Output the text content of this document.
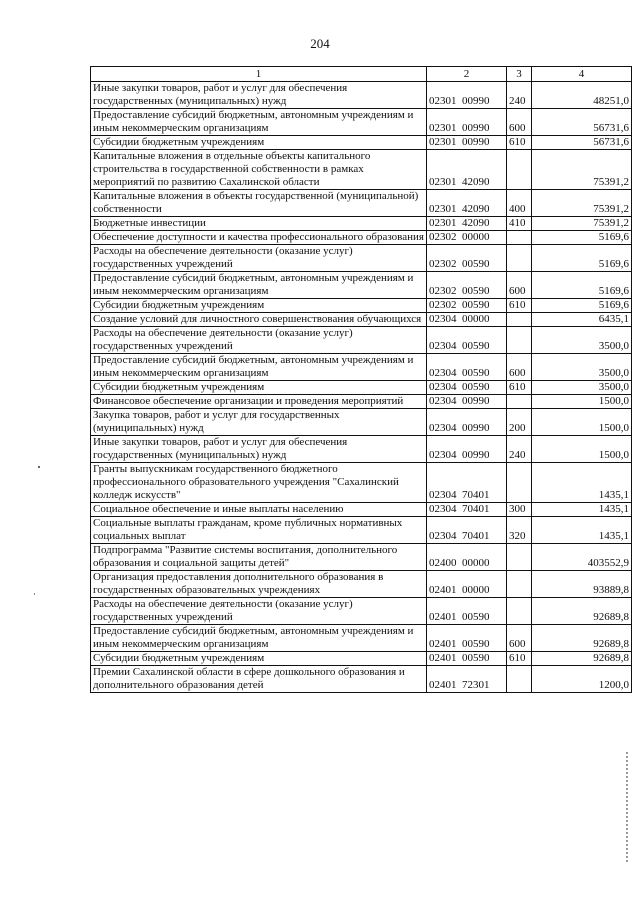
204
1	2	3	4
Иные закупки товаров, работ и услуг для обеспечения государственных (муниципальных) нужд	02301  00990	240	48251,0
Предоставление субсидий бюджетным, автономным учреждениям и иным некоммерческим организациям	02301  00990	600	56731,6
Субсидии бюджетным учреждениям	02301  00990	610	56731,6
Капитальные вложения в отдельные объекты капитального строительства в государственной собственности в рамках мероприятий по развитию Сахалинской области	02301  42090		75391,2
Капитальные вложения в объекты государственной (муниципальной) собственности	02301  42090	400	75391,2
Бюджетные инвестиции	02301  42090	410	75391,2
Обеспечение доступности и качества профессионального образования	02302  00000		5169,6
Расходы на обеспечение деятельности (оказание услуг) государственных учреждений	02302  00590		5169,6
Предоставление субсидий бюджетным, автономным учреждениям и иным некоммерческим организациям	02302  00590	600	5169,6
Субсидии бюджетным учреждениям	02302  00590	610	5169,6
Создание условий для личностного совершенствования обучающихся	02304  00000		6435,1
Расходы на обеспечение деятельности (оказание услуг) государственных учреждений	02304  00590		3500,0
Предоставление субсидий бюджетным, автономным учреждениям и иным некоммерческим организациям	02304  00590	600	3500,0
Субсидии бюджетным учреждениям	02304  00590	610	3500,0
Финансовое обеспечение организации и проведения мероприятий	02304  00990		1500,0
Закупка товаров, работ и услуг для государственных (муниципальных) нужд	02304  00990	200	1500,0
Иные закупки товаров, работ и услуг для обеспечения государственных (муниципальных) нужд	02304  00990	240	1500,0
Гранты выпускникам государственного бюджетного профессионального образовательного учреждения "Сахалинский колледж искусств"	02304  70401		1435,1
Социальное обеспечение и иные выплаты населению	02304  70401	300	1435,1
Социальные выплаты гражданам, кроме публичных нормативных социальных выплат	02304  70401	320	1435,1
Подпрограмма "Развитие системы воспитания, дополнительного образования и социальной защиты детей"	02400  00000		403552,9
Организация предоставления дополнительного образования в государственных образовательных учреждениях	02401  00000		93889,8
Расходы на обеспечение деятельности (оказание услуг) государственных учреждений	02401  00590		92689,8
Предоставление субсидий бюджетным, автономным учреждениям и иным некоммерческим организациям	02401  00590	600	92689,8
Субсидии бюджетным учреждениям	02401  00590	610	92689,8
Премии Сахалинской области в сфере дошкольного образования и дополнительного образования детей	02401  72301		1200,0
